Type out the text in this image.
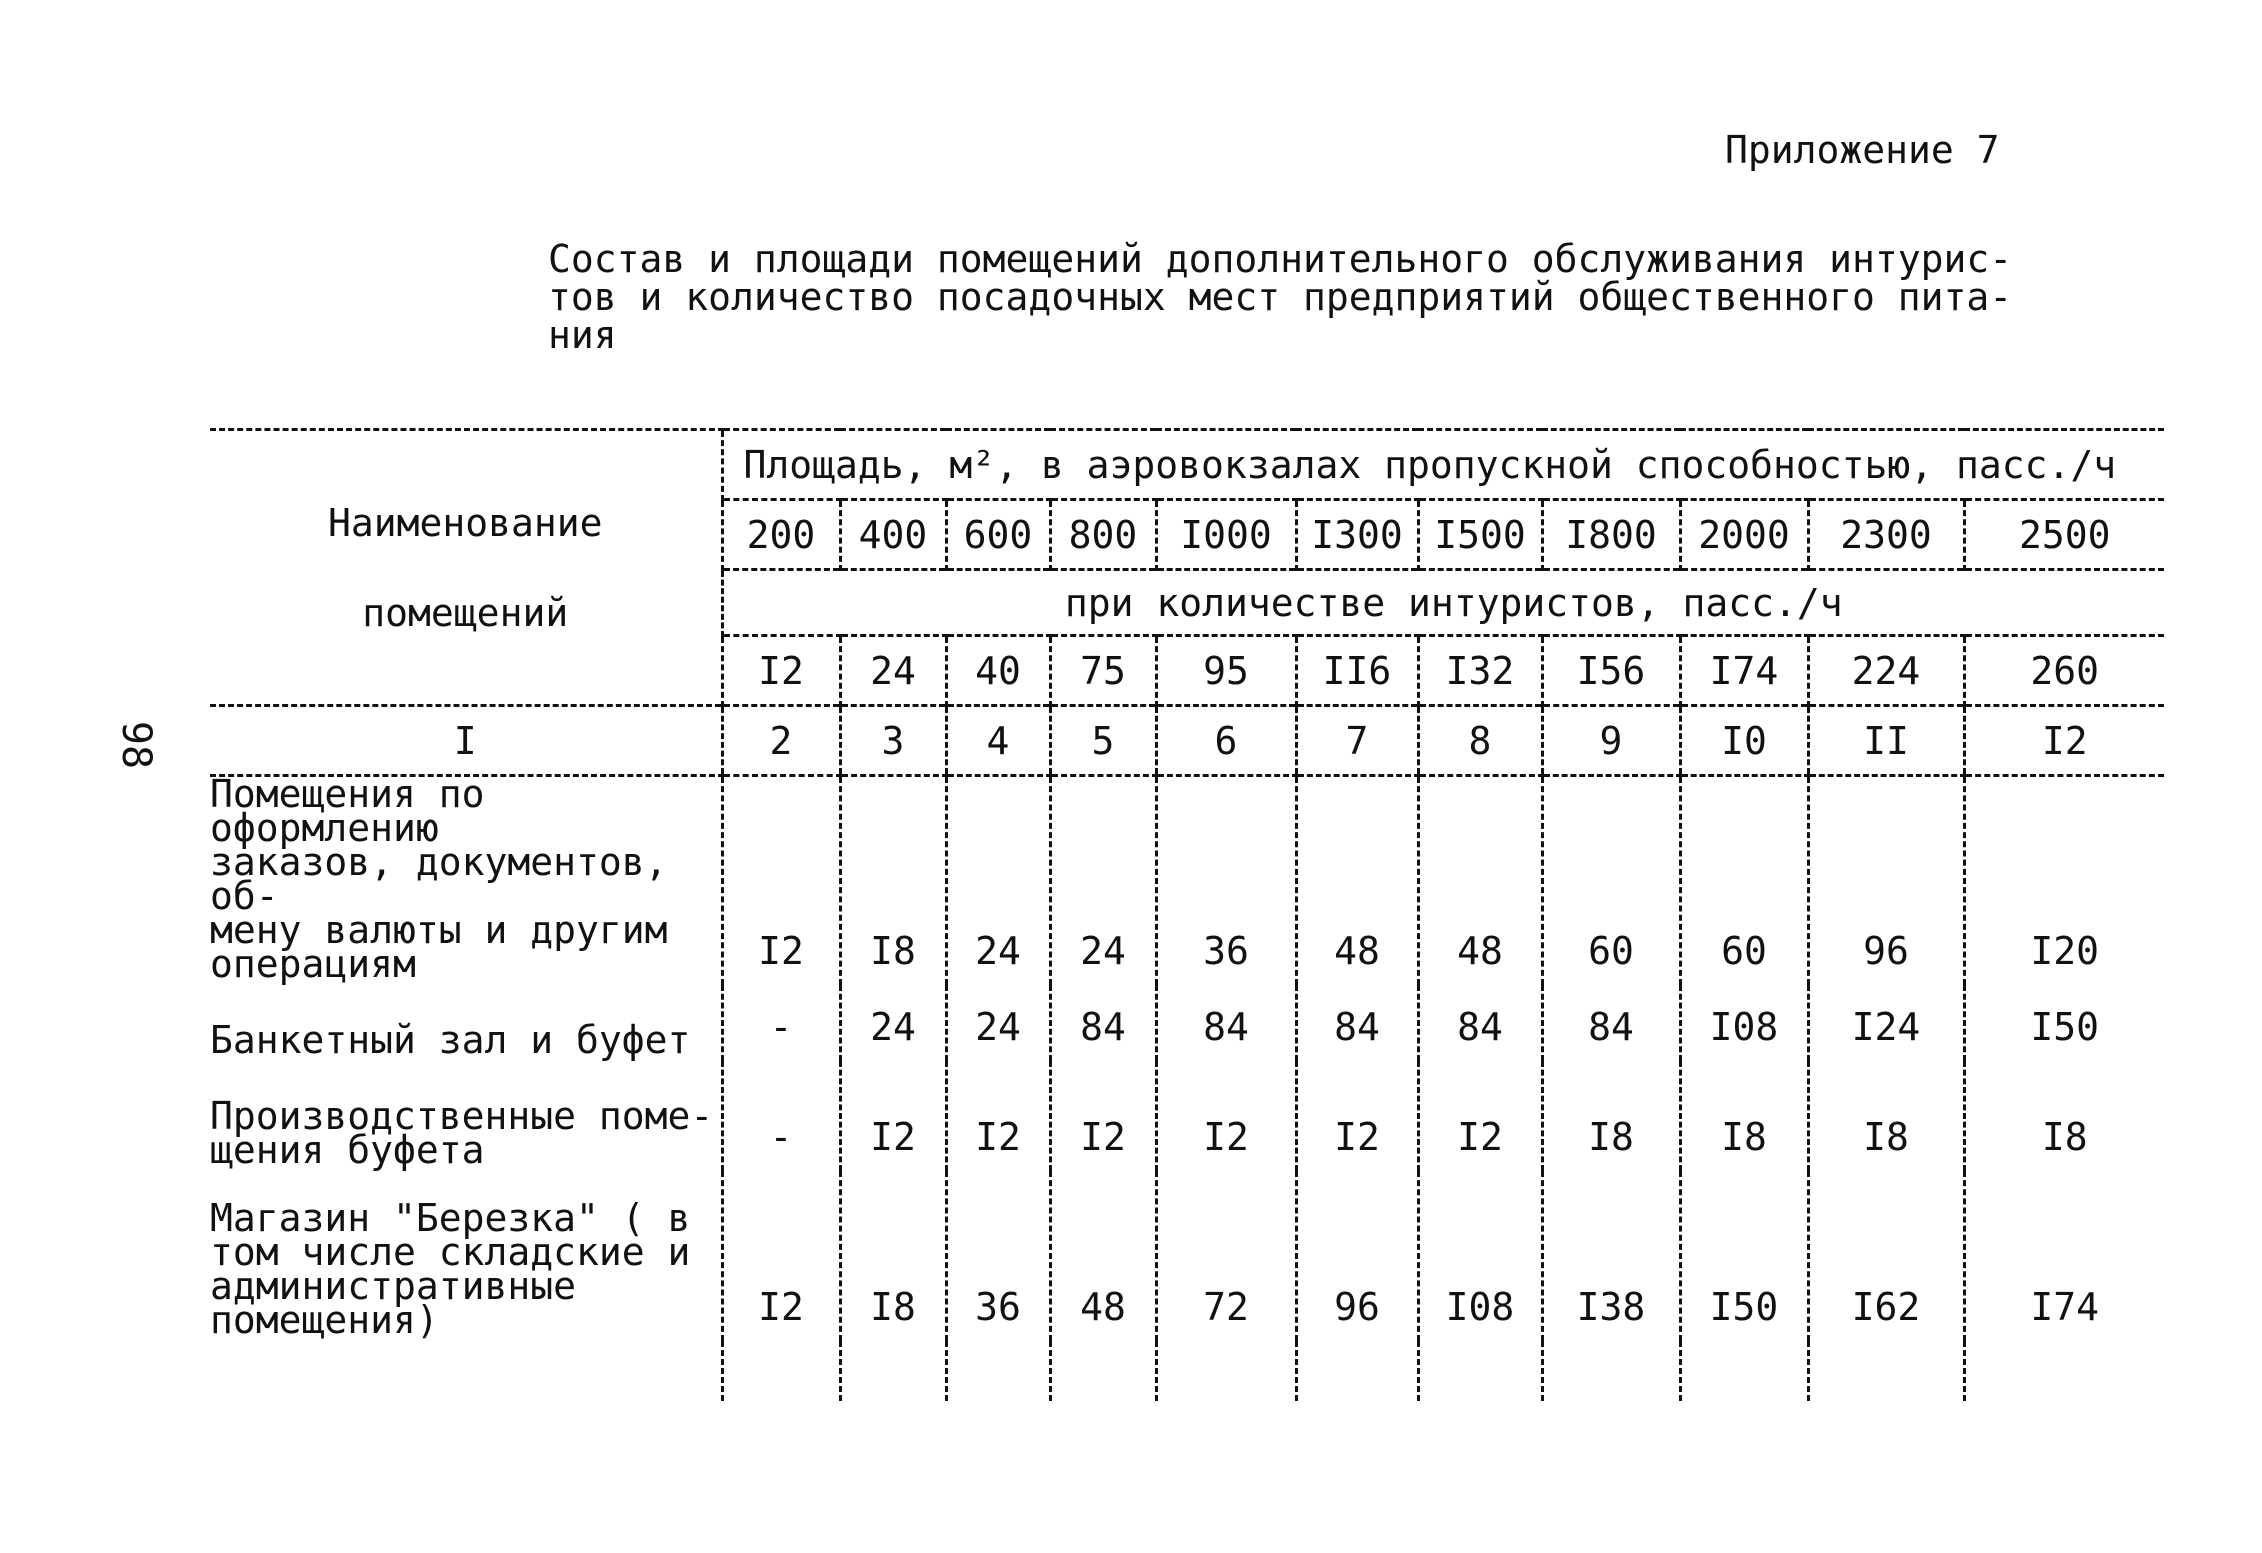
Приложение 7
Состав и площади помещений дополнительного обслуживания интурис-
тов и количество посадочных мест предприятий общественного пита-
ния
98
Наименование
помещений	Площадь, м², в аэровокзалах пропускной способностью, пасс./ч										
	200	400	600	800	I000	I300	I500	I800	2000	2300	2500
	при количестве интуристов, пасс./ч										
	I2	24	40	75	95	II6	I32	I56	I74	224	260
I	2	3	4	5	6	7	8	9	I0	II	I2

Помещения по оформлению
заказов, документов, об-
мену валюты и другим
операциям	I2	I8	24	24	36	48	48	60	60	96	I20

Банкетный зал и буфет	-	24	24	84	84	84	84	84	I08	I24	I50

Производственные поме-
щения буфета	-	I2	I2	I2	I2	I2	I2	I8	I8	I8	I8

Магазин "Березка" ( в
том числе складские и
административные
помещения)	I2	I8	36	48	72	96	I08	I38	I50	I62	I74
